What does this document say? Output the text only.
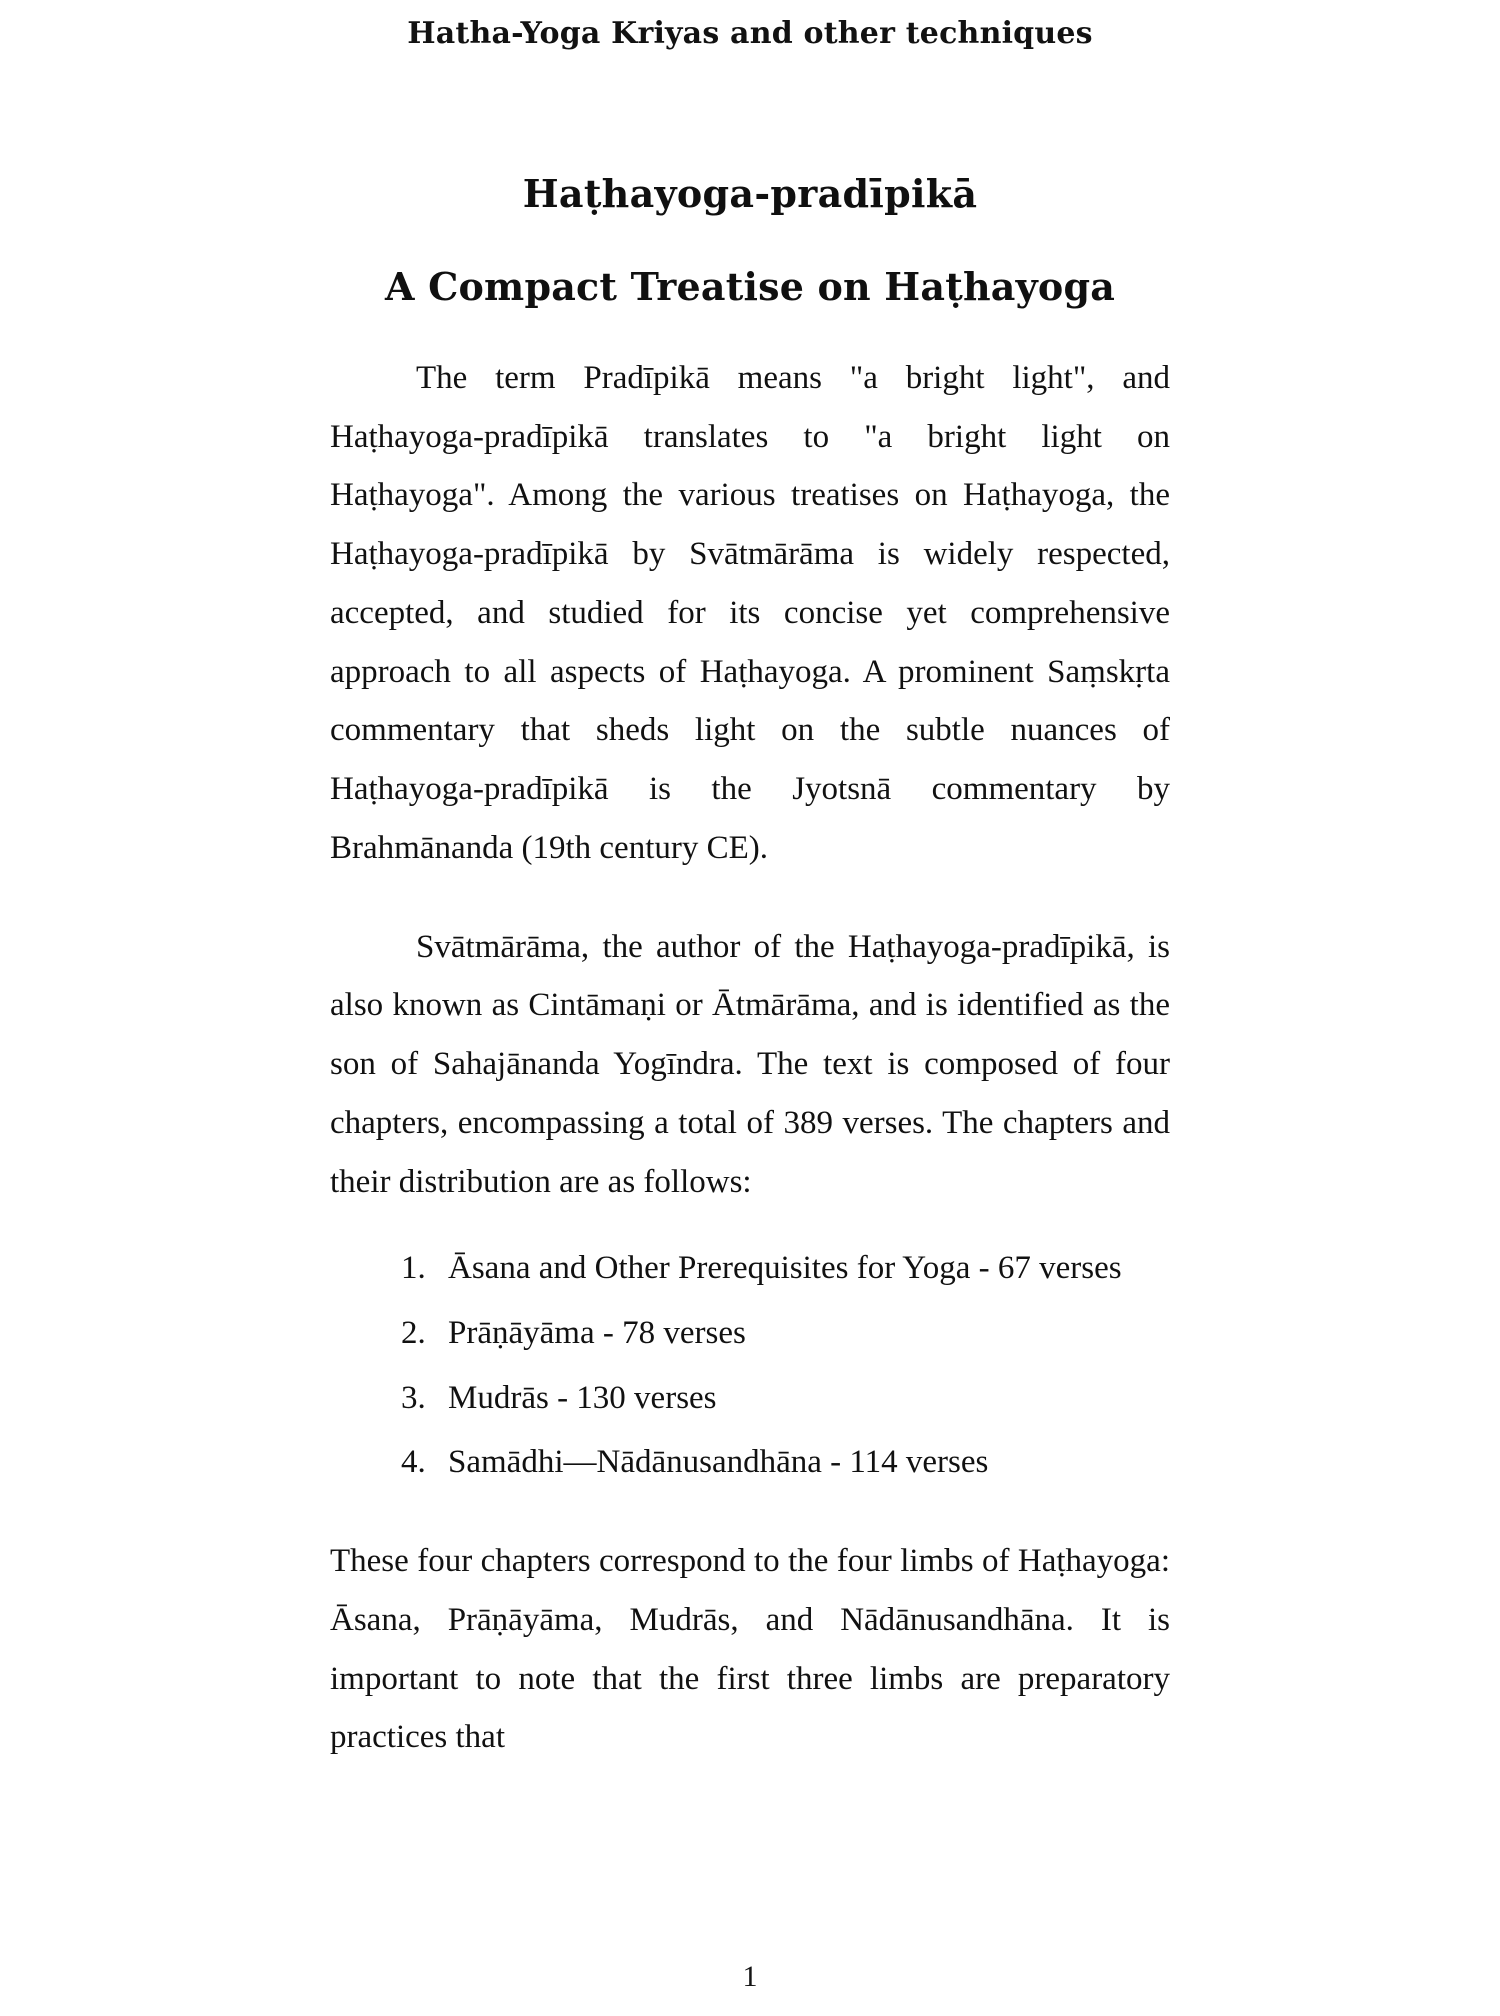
Hatha-Yoga Kriyas and other techniques
Haṭhayoga-pradīpikā
A Compact Treatise on Haṭhayoga

The term Pradīpikā means "a bright light", and Haṭhayoga-pradīpikā translates to "a bright light on Haṭhayoga". Among the various treatises on Haṭhayoga, the Haṭhayoga-pradīpikā by Svātmārāma is widely respected, accepted, and studied for its concise yet comprehensive approach to all aspects of Haṭhayoga. A prominent Saṃskṛta commentary that sheds light on the subtle nuances of Haṭhayoga-pradīpikā is the Jyotsnā commentary by Brahmānanda (19th century CE).

Svātmārāma, the author of the Haṭhayoga-pradīpikā, is also known as Cintāmaṇi or Ātmārāma, and is identified as the son of Sahajānanda Yogīndra. The text is composed of four chapters, encompassing a total of 389 verses. The chapters and their distribution are as follows:

1. Āsana and Other Prerequisites for Yoga - 67 verses
2. Prāṇāyāma - 78 verses
3. Mudrās - 130 verses
4. Samādhi—Nādānusandhāna - 114 verses

These four chapters correspond to the four limbs of Haṭhayoga: Āsana, Prāṇāyāma, Mudrās, and Nādānusandhāna. It is important to note that the first three limbs are preparatory practices that

1
